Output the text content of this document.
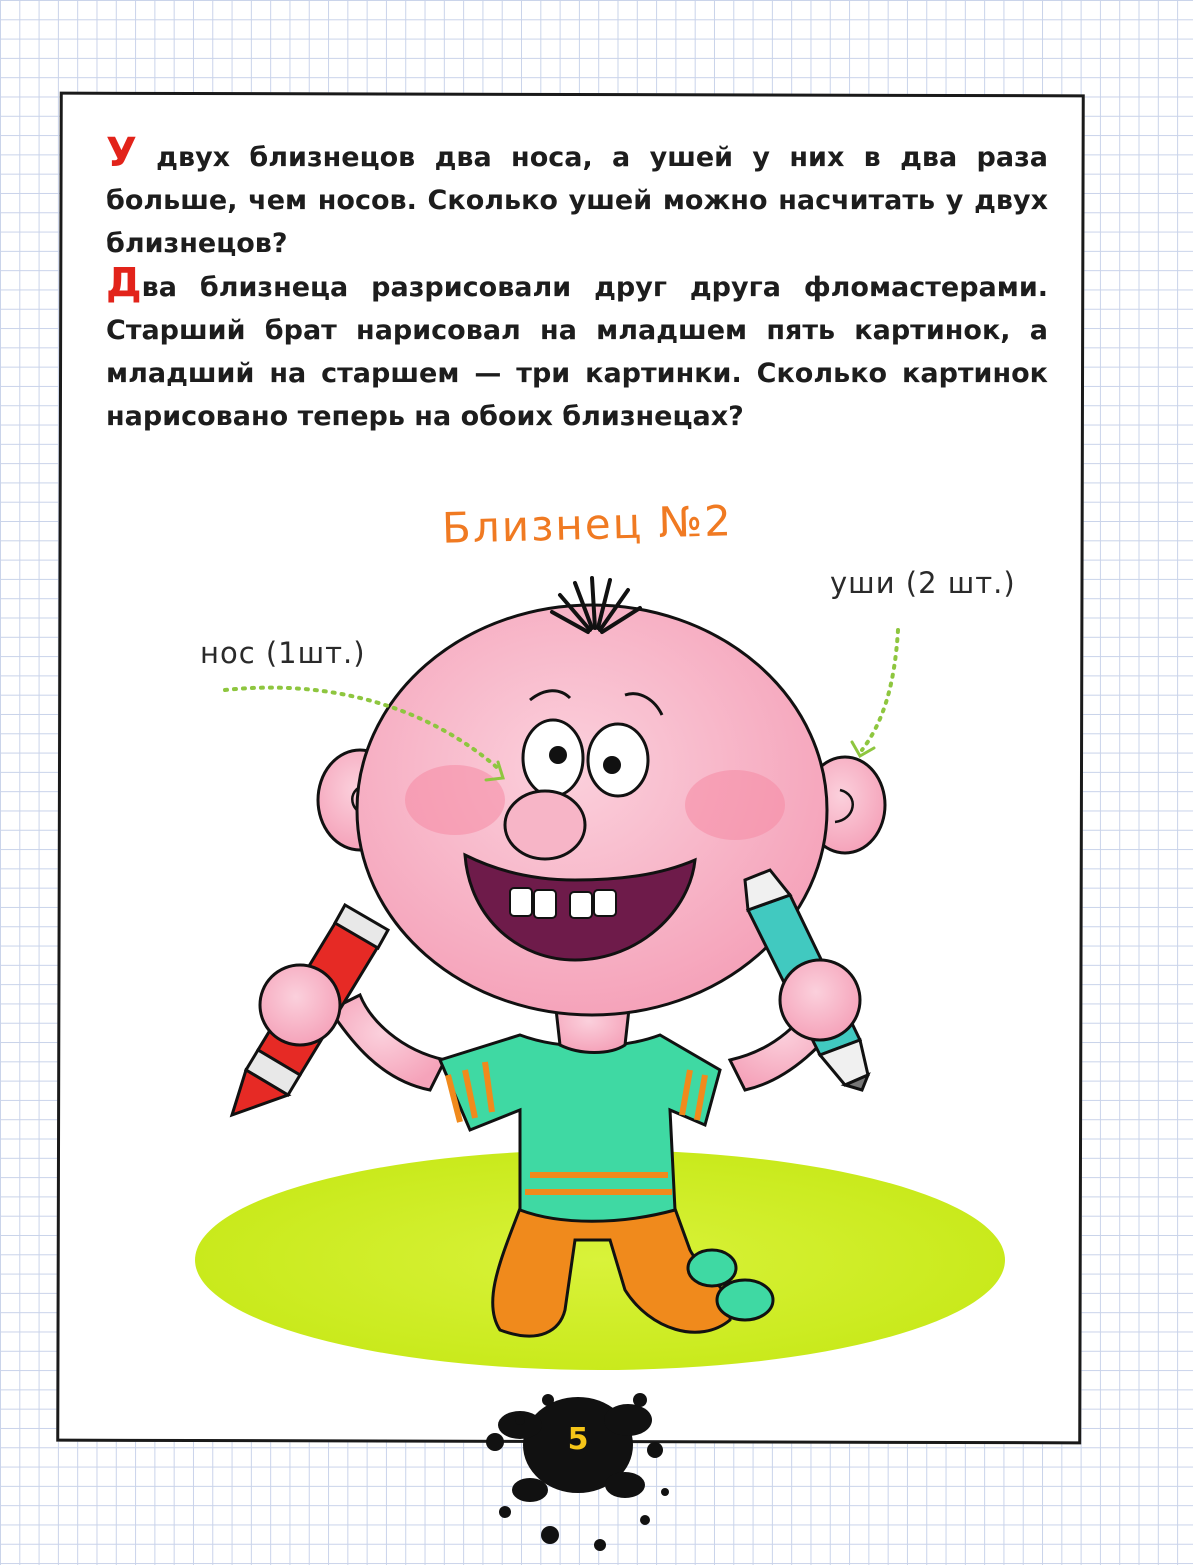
У двух близнецов два носа, а ушей у них в два раза больше, чем носов. Сколько ушей можно насчитать у двух близнецов?

Два близнеца разрисовали друг друга фломастерами. Старший брат нарисовал на младшем пять картинок, а младший на старшем — три картинки. Сколько картинок нарисовано теперь на обоих близнецах?

Близнец №2

нос (1шт.)

уши (2 шт.)

5
